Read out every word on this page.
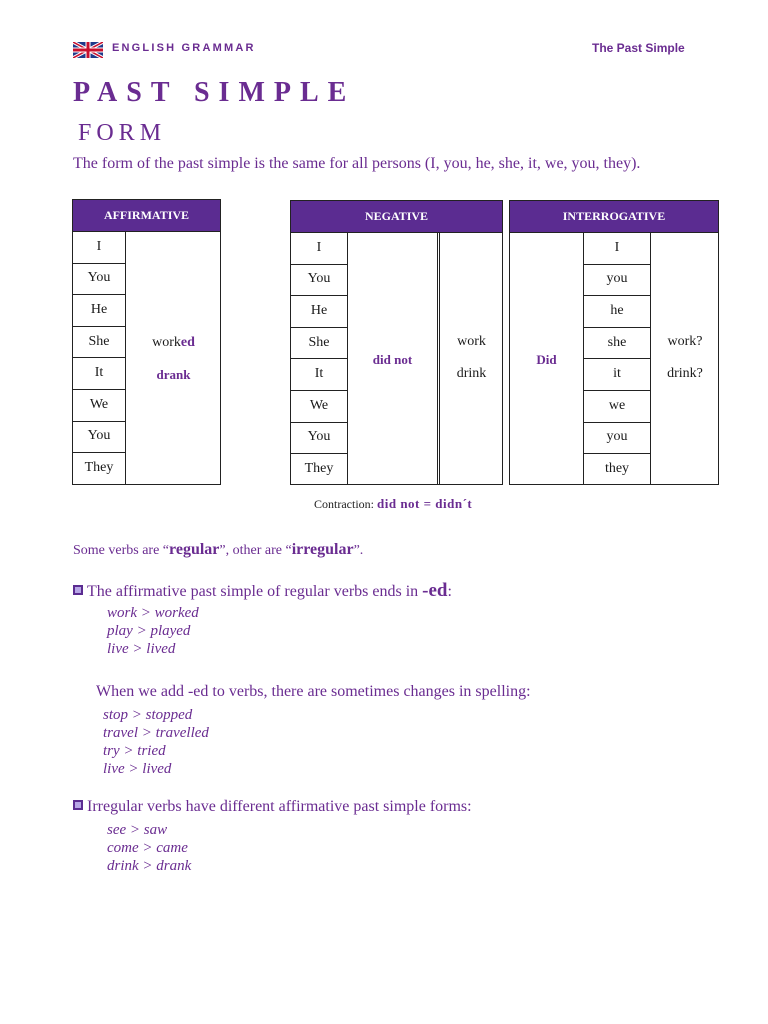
ENGLISH GRAMMAR	The Past Simple
PAST SIMPLE
FORM
The form of the past simple is the same for all persons (I, you, he, she, it, we, you, they).
AFFIRMATIVE
work ed
drank
I
You
He
She
It
We
You
They
NEGATIVE
did not
work
drink
I
You
He
She
It
We
You
They
INTERROGATIVE
Did
work?
drink?
I
you
he
she
it
we
you
they
Contraction: did not = didn´t
Some verbs are “regular”, other are “irregular”.
The affirmative past simple of regular verbs ends in -ed:
work > worked
play > played
live > lived
When we add -ed to verbs, there are sometimes changes in spelling:
stop > stopped
travel > travelled
try > tried
live > lived
Irregular verbs have different affirmative past simple forms:
see > saw
come > came
drink > drank
